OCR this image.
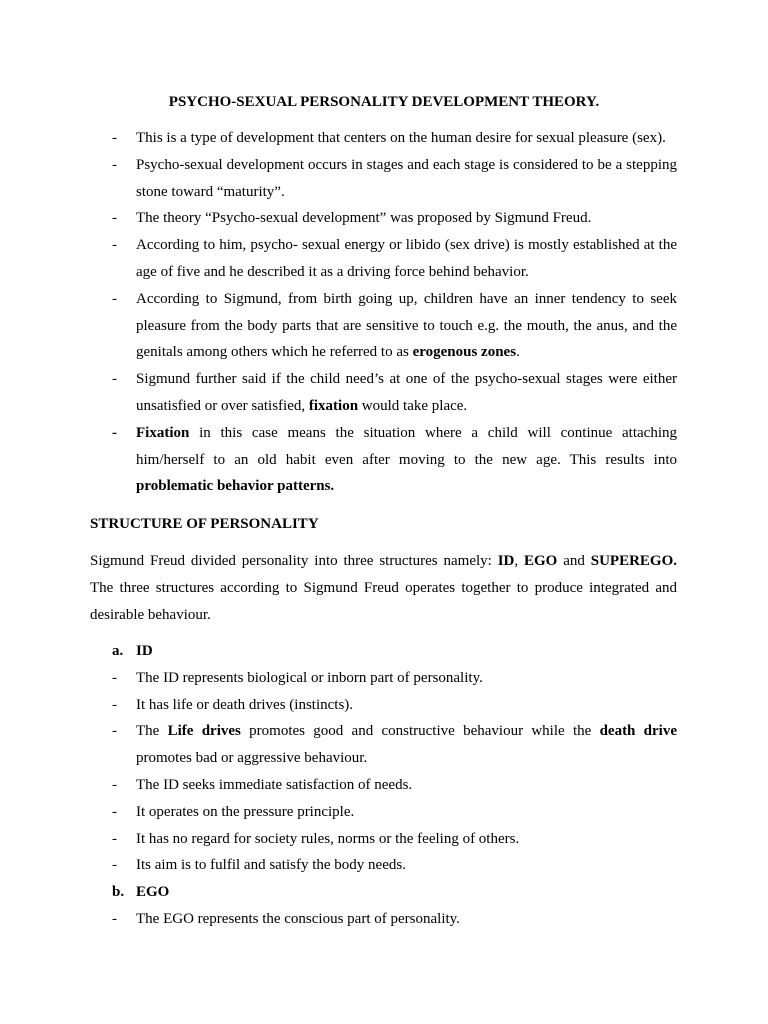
PSYCHO-SEXUAL PERSONALITY DEVELOPMENT THEORY.
-	This is a type of development that centers on the human desire for sexual pleasure (sex).
-	Psycho-sexual development occurs in stages and each stage is considered to be a stepping stone toward “maturity”.
-	The theory “Psycho-sexual development” was proposed by Sigmund Freud.
-	According to him, psycho- sexual energy or libido (sex drive) is mostly established at the age of five and he described it as a driving force behind behavior.
-	According to Sigmund, from birth going up, children have an inner tendency to seek pleasure from the body parts that are sensitive to touch e.g. the mouth, the anus, and the genitals among others which he referred to as erogenous zones.
-	Sigmund further said if the child need’s at one of the psycho-sexual stages were either unsatisfied or over satisfied, fixation would take place.
-	Fixation in this case means the situation where a child will continue attaching him/herself to an old habit even after moving to the new age. This results into problematic behavior patterns.
STRUCTURE OF PERSONALITY
Sigmund Freud divided personality into three structures namely: ID, EGO and SUPEREGO. The three structures according to Sigmund Freud operates together to produce integrated and desirable behaviour.
a. ID
-	The ID represents biological or inborn part of personality.
-	It has life or death drives (instincts).
-	The Life drives promotes good and constructive behaviour while the death drive promotes bad or aggressive behaviour.
-	The ID seeks immediate satisfaction of needs.
-	It operates on the pressure principle.
-	It has no regard for society rules, norms or the feeling of others.
-	Its aim is to fulfil and satisfy the body needs.
b. EGO
-	The EGO represents the conscious part of personality.
